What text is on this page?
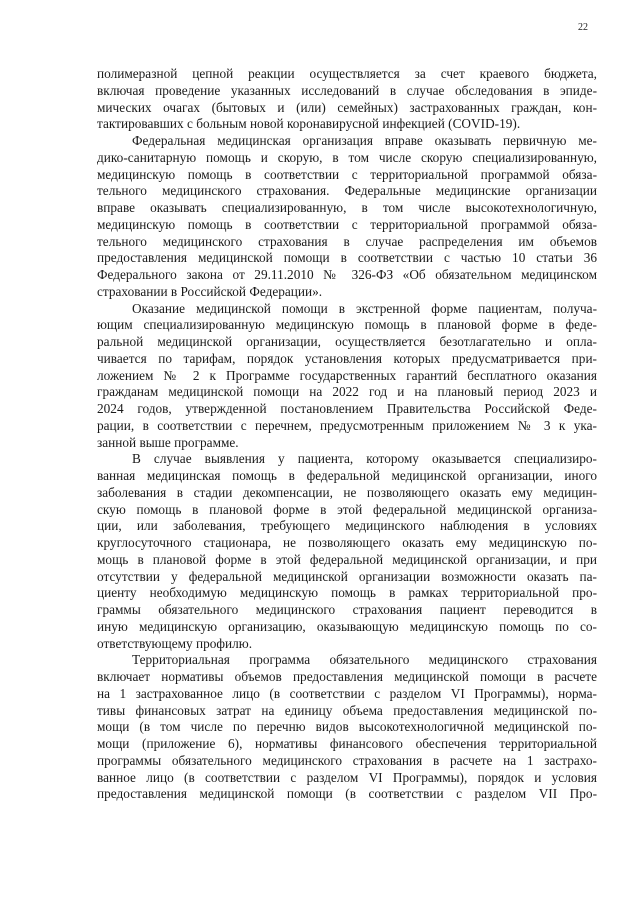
22
полимеразной цепной реакции осуществляется за счет краевого бюджета,
включая проведение указанных исследований в случае обследования в эпиде-
мических очагах (бытовых и (или) семейных) застрахованных граждан, кон-
тактировавших с больным новой коронавирусной инфекцией (COVID-19).
Федеральная медицинская организация вправе оказывать первичную ме-
дико-санитарную помощь и скорую, в том числе скорую специализированную,
медицинскую помощь в соответствии с территориальной программой обяза-
тельного медицинского страхования. Федеральные медицинские организации
вправе оказывать специализированную, в том числе высокотехнологичную,
медицинскую помощь в соответствии с территориальной программой обяза-
тельного медицинского страхования в случае распределения им объемов
предоставления медицинской помощи в соответствии с частью 10 статьи 36
Федерального закона от 29.11.2010 № 326-ФЗ «Об обязательном медицинском
страховании в Российской Федерации».
Оказание медицинской помощи в экстренной форме пациентам, получа-
ющим специализированную медицинскую помощь в плановой форме в феде-
ральной медицинской организации, осуществляется безотлагательно и опла-
чивается по тарифам, порядок установления которых предусматривается при-
ложением № 2 к Программе государственных гарантий бесплатного оказания
гражданам медицинской помощи на 2022 год и на плановый период 2023 и
2024 годов, утвержденной постановлением Правительства Российской Феде-
рации, в соответствии с перечнем, предусмотренным приложением № 3 к ука-
занной выше программе.
В случае выявления у пациента, которому оказывается специализиро-
ванная медицинская помощь в федеральной медицинской организации, иного
заболевания в стадии декомпенсации, не позволяющего оказать ему медицин-
скую помощь в плановой форме в этой федеральной медицинской организа-
ции, или заболевания, требующего медицинского наблюдения в условиях
круглосуточного стационара, не позволяющего оказать ему медицинскую по-
мощь в плановой форме в этой федеральной медицинской организации, и при
отсутствии у федеральной медицинской организации возможности оказать па-
циенту необходимую медицинскую помощь в рамках территориальной про-
граммы обязательного медицинского страхования пациент переводится в
иную медицинскую организацию, оказывающую медицинскую помощь по со-
ответствующему профилю.
Территориальная программа обязательного медицинского страхования
включает нормативы объемов предоставления медицинской помощи в расчете
на 1 застрахованное лицо (в соответствии с разделом VI Программы), норма-
тивы финансовых затрат на единицу объема предоставления медицинской по-
мощи (в том числе по перечню видов высокотехнологичной медицинской по-
мощи (приложение 6), нормативы финансового обеспечения территориальной
программы обязательного медицинского страхования в расчете на 1 застрахо-
ванное лицо (в соответствии с разделом VI Программы), порядок и условия
предоставления медицинской помощи (в соответствии с разделом VII Про-
